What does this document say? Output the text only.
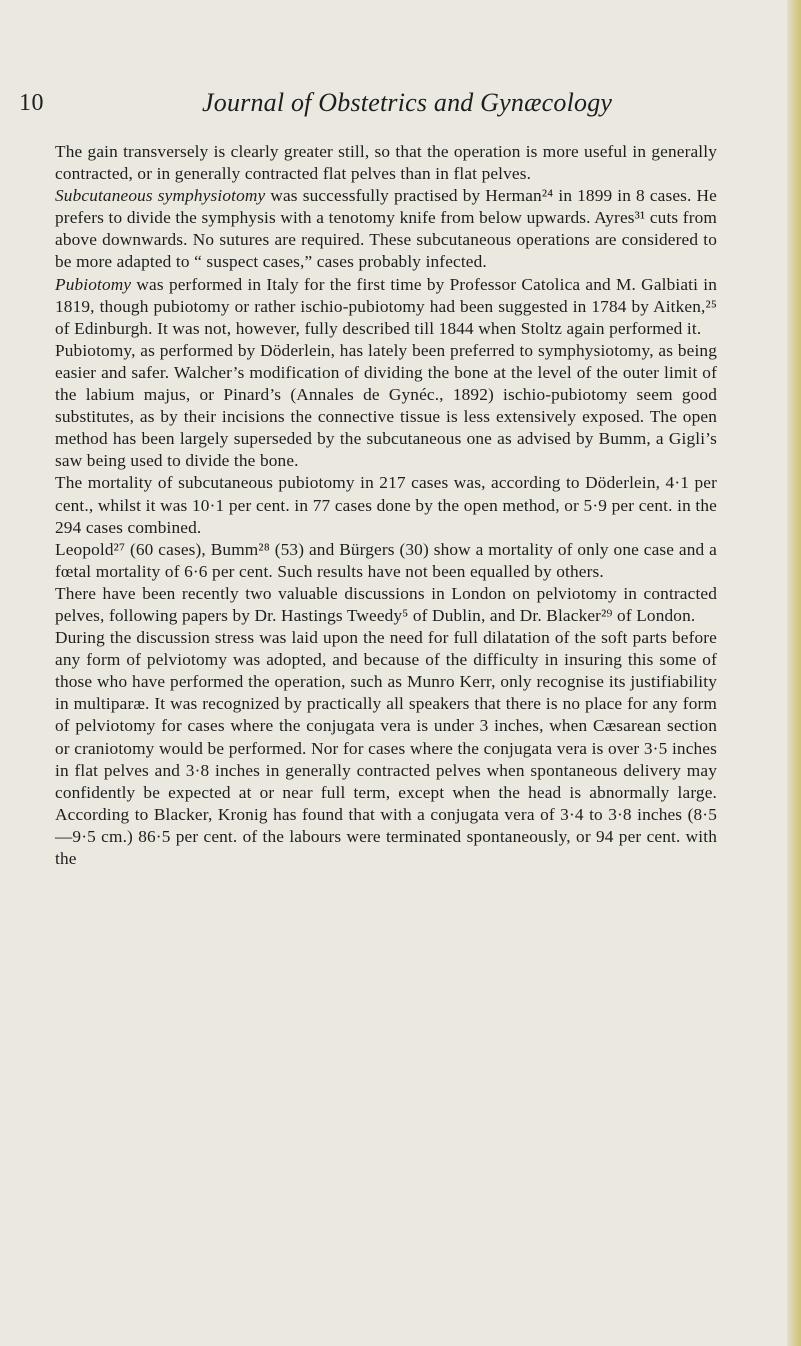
10	Journal of Obstetrics and Gynæcology

The gain transversely is clearly greater still, so that the operation is more useful in generally contracted, or in generally contracted flat pelves than in flat pelves.

Subcutaneous symphysiotomy was successfully practised by Herman²⁴ in 1899 in 8 cases. He prefers to divide the symphysis with a tenotomy knife from below upwards. Ayres³¹ cuts from above downwards. No sutures are required. These subcutaneous operations are considered to be more adapted to “ suspect cases,” cases probably infected.

Pubiotomy was performed in Italy for the first time by Professor Catolica and M. Galbiati in 1819, though pubiotomy or rather ischio-pubiotomy had been suggested in 1784 by Aitken,²⁵ of Edinburgh. It was not, however, fully described till 1844 when Stoltz again performed it.

Pubiotomy, as performed by Döderlein, has lately been preferred to symphysiotomy, as being easier and safer. Walcher’s modification of dividing the bone at the level of the outer limit of the labium majus, or Pinard’s (Annales de Gynéc., 1892) ischio-pubiotomy seem good substitutes, as by their incisions the connective tissue is less extensively exposed. The open method has been largely superseded by the subcutaneous one as advised by Bumm, a Gigli’s saw being used to divide the bone.

The mortality of subcutaneous pubiotomy in 217 cases was, according to Döderlein, 4·1 per cent., whilst it was 10·1 per cent. in 77 cases done by the open method, or 5·9 per cent. in the 294 cases combined.

Leopold²⁷ (60 cases), Bumm²⁸ (53) and Bürgers (30) show a mortality of only one case and a fœtal mortality of 6·6 per cent. Such results have not been equalled by others.

There have been recently two valuable discussions in London on pelviotomy in contracted pelves, following papers by Dr. Hastings Tweedy⁵ of Dublin, and Dr. Blacker²⁹ of London.

During the discussion stress was laid upon the need for full dilatation of the soft parts before any form of pelviotomy was adopted, and because of the difficulty in insuring this some of those who have performed the operation, such as Munro Kerr, only recognise its justifiability in multiparæ. It was recognized by practically all speakers that there is no place for any form of pelviotomy for cases where the conjugata vera is under 3 inches, when Cæsarean section or craniotomy would be performed. Nor for cases where the conjugata vera is over 3·5 inches in flat pelves and 3·8 inches in generally contracted pelves when spontaneous delivery may confidently be expected at or near full term, except when the head is abnormally large. According to Blacker, Kronig has found that with a conjugata vera of 3·4 to 3·8 inches (8·5—9·5 cm.) 86·5 per cent. of the labours were terminated spontaneously, or 94 per cent. with the
